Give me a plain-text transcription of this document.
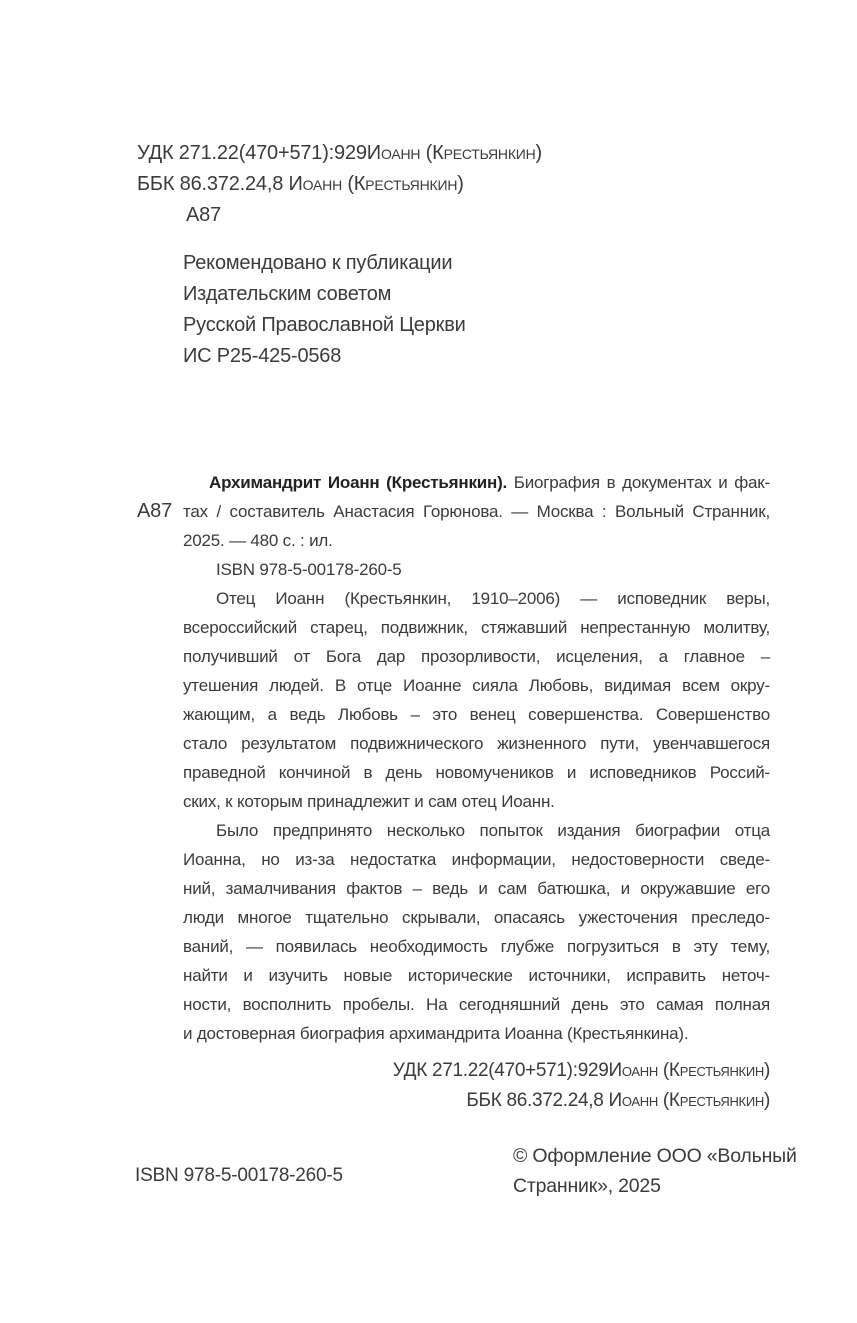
УДК 271.22(470+571):929Иоанн (Крестьянкин)
ББК 86.372.24,8 Иоанн (Крестьянкин)
А87
Рекомендовано к публикации
Издательским советом
Русской Православной Церкви
ИС Р25-425-0568
А87
Архимандрит Иоанн (Крестьянкин). Биография в документах и фак-
тах / составитель Анастасия Горюнова. — Москва : Вольный Странник,
2025. — 480 с. : ил.
ISBN 978-5-00178-260-5
Отец Иоанн (Крестьянкин, 1910–2006) — исповедник веры,
всероссийский старец, подвижник, стяжавший непрестанную молитву,
получивший от Бога дар прозорливости, исцеления, а главное –
утешения людей. В отце Иоанне сияла Любовь, видимая всем окру-
жающим, а ведь Любовь – это венец совершенства. Совершенство
стало результатом подвижнического жизненного пути, увенчавшегося
праведной кончиной в день новомучеников и исповедников Россий-
ских, к которым принадлежит и сам отец Иоанн.
Было предпринято несколько попыток издания биографии отца
Иоанна, но из-за недостатка информации, недостоверности сведе-
ний, замалчивания фактов – ведь и сам батюшка, и окружавшие его
люди многое тщательно скрывали, опасаясь ужесточения преследо-
ваний, — появилась необходимость глубже погрузиться в эту тему,
найти и изучить новые исторические источники, исправить неточ-
ности, восполнить пробелы. На сегодняшний день это самая полная
и достоверная биография архимандрита Иоанна (Крестьянкина).
УДК 271.22(470+571):929Иоанн (Крестьянкин)
ББК 86.372.24,8 Иоанн (Крестьянкин)
ISBN 978-5-00178-260-5
© Оформление ООО «Вольный
Странник», 2025
